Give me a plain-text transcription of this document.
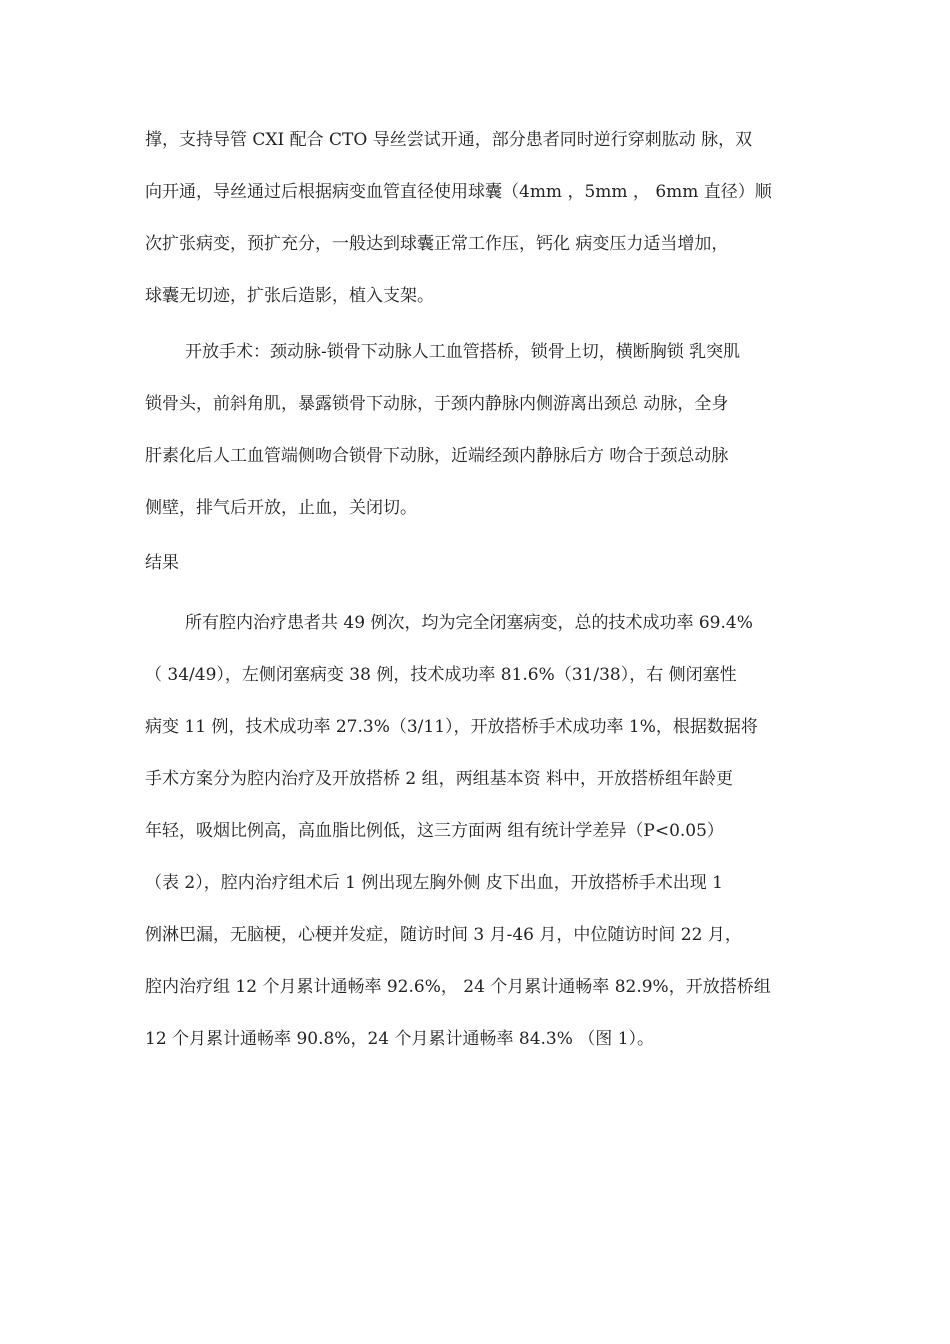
撑，支持导管 CXI 配合 CTO 导丝尝试开通，部分患者同时逆行穿刺肱动 脉，双
向开通，导丝通过后根据病变血管直径使用球囊（4mm ，5mm ， 6mm 直径）顺
次扩张病变，预扩充分，一般达到球囊正常工作压，钙化 病变压力适当增加，
球囊无切迹，扩张后造影，植入支架。
开放手术：颈动脉-锁骨下动脉人工血管搭桥，锁骨上切，横断胸锁 乳突肌
锁骨头，前斜角肌，暴露锁骨下动脉，于颈内静脉内侧游离出颈总 动脉，全身
肝素化后人工血管端侧吻合锁骨下动脉，近端经颈内静脉后方 吻合于颈总动脉
侧壁，排气后开放，止血，关闭切。
结果
所有腔内治疗患者共 49 例次，均为完全闭塞病变，总的技术成功率 69.4%
（ 34/49），左侧闭塞病变 38 例，技术成功率 81.6%（31/38），右 侧闭塞性
病变 11 例，技术成功率 27.3%（3/11），开放搭桥手术成功率 1%，根据数据将
手术方案分为腔内治疗及开放搭桥 2 组，两组基本资 料中，开放搭桥组年龄更
年轻，吸烟比例高，高血脂比例低，这三方面两 组有统计学差异（P<0.05）
（表 2），腔内治疗组术后 1 例出现左胸外侧 皮下出血，开放搭桥手术出现 1
例淋巴漏，无脑梗，心梗并发症，随访时间 3 月-46 月，中位随访时间 22 月，
腔内治疗组 12 个月累计通畅率 92.6%， 24 个月累计通畅率 82.9%，开放搭桥组
12 个月累计通畅率 90.8%，24 个月累计通畅率 84.3% （图 1）。
